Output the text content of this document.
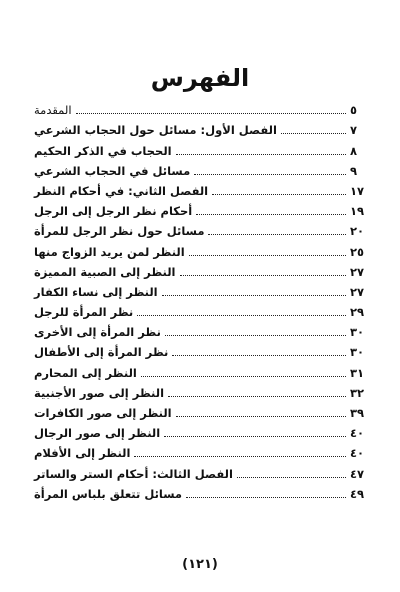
الفهرس
المقدمة	٥
الفصل الأول: مسائل حول الحجاب الشرعي	٧
الحجاب في الذكر الحكيم	٨
مسائل في الحجاب الشرعي	٩
الفصل الثاني: في أحكام النظر	١٧
أحكام نظر الرجل إلى الرجل	١٩
مسائل حول نظر الرجل للمرأة	٢٠
النظر لمن يريد الزواج منها	٢٥
النظر إلى الصبية المميزة	٢٧
النظر إلى نساء الكفار	٢٧
نظر المرأة للرجل	٢٩
نظر المرأة إلى الأخرى	٣٠
نظر المرأة إلى الأطفال	٣٠
النظر إلى المحارم	٣١
النظر إلى صور الأجنبية	٣٢
النظر إلى صور الكافرات	٣٩
النظر إلى صور الرجال	٤٠
النظر إلى الأفلام	٤٠
الفصل الثالث: أحكام الستر والساتر	٤٧
مسائل تتعلق بلباس المرأة	٤٩
(١٢١)
